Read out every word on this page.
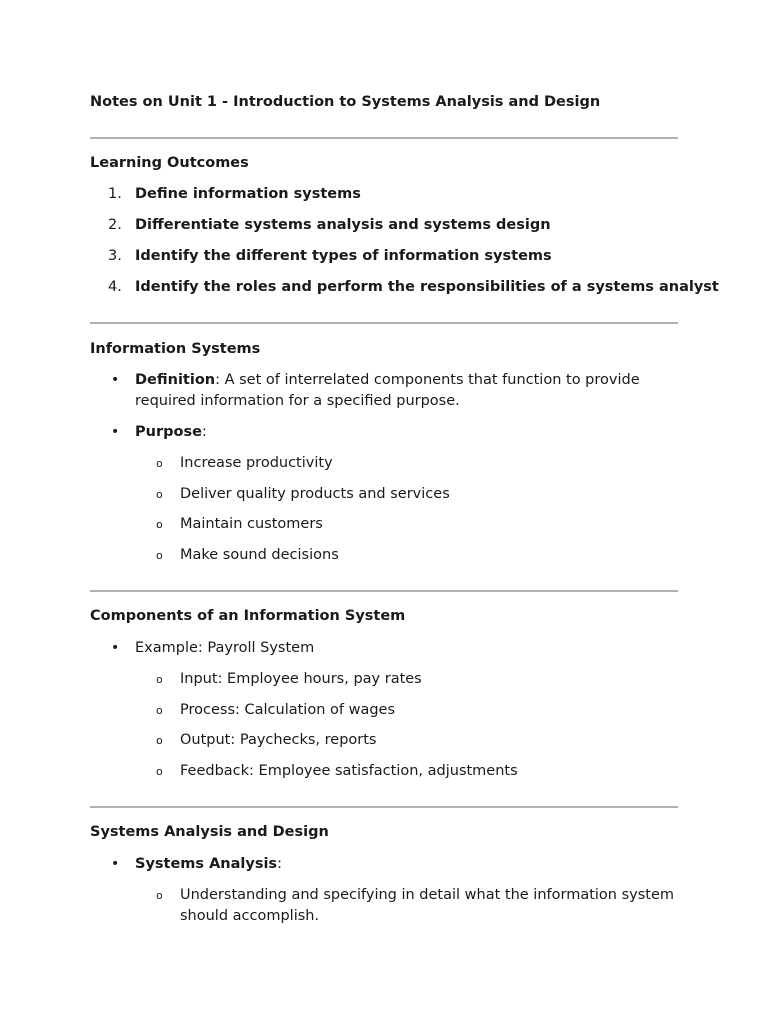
Notes on Unit 1 - Introduction to Systems Analysis and Design
Learning Outcomes
1. Define information systems
2. Differentiate systems analysis and systems design
3. Identify the different types of information systems
4. Identify the roles and perform the responsibilities of a systems analyst
Information Systems
• Definition: A set of interrelated components that function to provide
required information for a specified purpose.
• Purpose:
o Increase productivity
o Deliver quality products and services
o Maintain customers
o Make sound decisions
Components of an Information System
• Example: Payroll System
o Input: Employee hours, pay rates
o Process: Calculation of wages
o Output: Paychecks, reports
o Feedback: Employee satisfaction, adjustments
Systems Analysis and Design
• Systems Analysis:
o Understanding and specifying in detail what the information system
should accomplish.
